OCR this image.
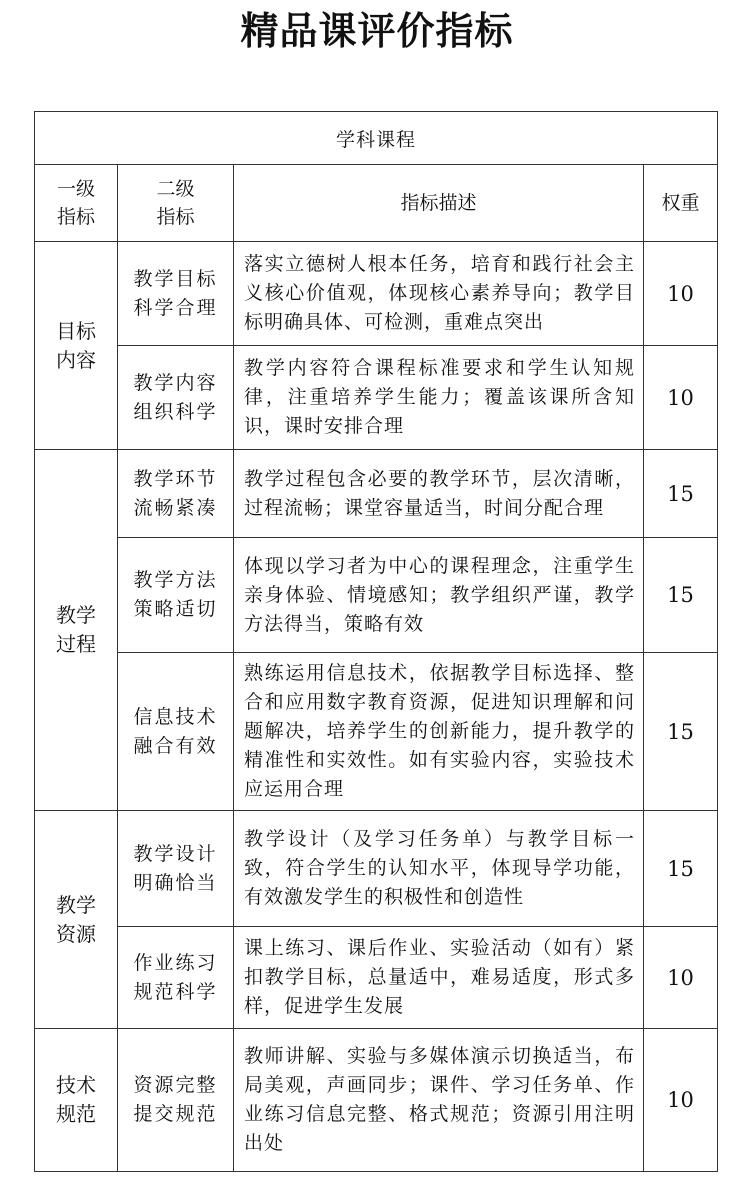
精品课评价指标
学科课程			
一级指标	二级指标	指标描述	权重
目标内容	教学目标科学合理	落实立德树人根本任务，培育和践行社会主义核心价值观，体现核心素养导向；教学目标明确具体、可检测，重难点突出	10
	教学内容组织科学	教学内容符合课程标准要求和学生认知规律，注重培养学生能力；覆盖该课所含知识，课时安排合理	10
教学过程	教学环节流畅紧凑	教学过程包含必要的教学环节，层次清晰，过程流畅；课堂容量适当，时间分配合理	15
	教学方法策略适切	体现以学习者为中心的课程理念，注重学生亲身体验、情境感知；教学组织严谨，教学方法得当，策略有效	15
	信息技术融合有效	熟练运用信息技术，依据教学目标选择、整合和应用数字教育资源，促进知识理解和问题解决，培养学生的创新能力，提升教学的精准性和实效性。如有实验内容，实验技术应运用合理	15
教学资源	教学设计明确恰当	教学设计（及学习任务单）与教学目标一致，符合学生的认知水平，体现导学功能，有效激发学生的积极性和创造性	15
	作业练习规范科学	课上练习、课后作业、实验活动（如有）紧扣教学目标，总量适中，难易适度，形式多样，促进学生发展	10
技术规范	资源完整提交规范	教师讲解、实验与多媒体演示切换适当，布局美观，声画同步；课件、学习任务单、作业练习信息完整、格式规范；资源引用注明出处	10
